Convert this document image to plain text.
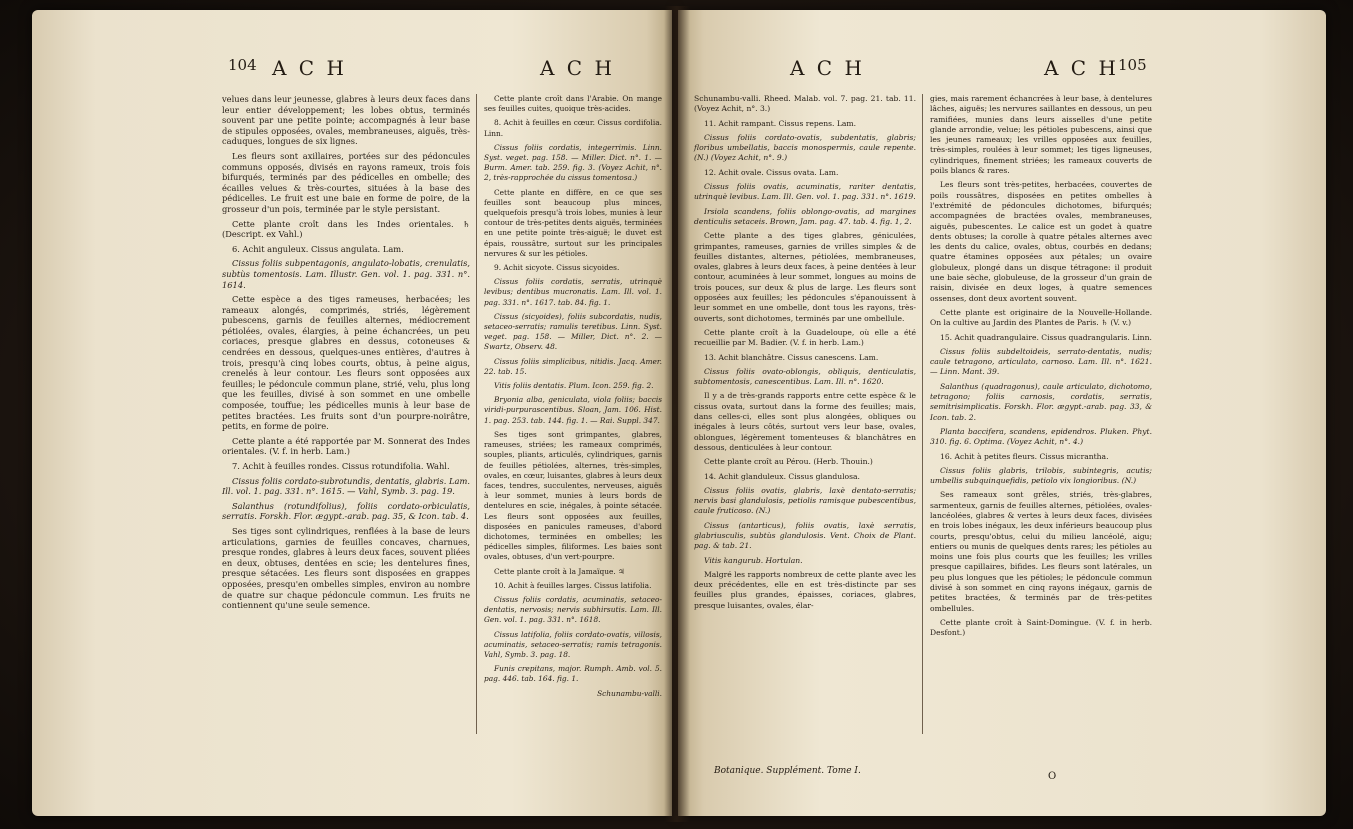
104 A C H	A C H

velues dans leur jeunesse, glabres à leurs deux faces dans leur entier développement; les lobes obtus, terminés souvent par une petite pointe; accompagnés à leur base de stipules opposées, ovales, membraneuses, aiguës, très-caduques, longues de six lignes.

Les fleurs sont axillaires, portées sur des pédoncules communs opposés, divisés en rayons rameux, trois fois bifurqués, terminés par des pédicelles en ombelle; des écailles velues & très-courtes, situées à la base des pédicelles. Le fruit est une baie en forme de poire, de la grosseur d'un pois, terminée par le style persistant.

Cette plante croît dans les Indes orientales. ♄ (Descript. ex Vahl.)

6. Achit anguleux. Cissus angulata. Lam.

Cissus foliis subpentagonis, angulato-lobatis, crenulatis, subtùs tomentosis. Lam. Illustr. Gen. vol. 1. pag. 331. n°. 1614.

Cette espèce a des tiges rameuses, herbacées; les rameaux alongés, comprimés, striés, légèrement pubescens, garnis de feuilles alternes, médiocrement pétiolées, ovales, élargies, à peine échancrées, un peu coriaces, presque glabres en dessus, cotoneuses & cendrées en dessous, quelques-unes entières, d'autres à trois, presqu'à cinq lobes courts, obtus, à peine aigus, crenelés à leur contour. Les fleurs sont opposées aux feuilles; le pédoncule commun plane, strié, velu, plus long que les feuilles, divisé à son sommet en une ombelle composée, touffue; les pédicelles munis à leur base de petites bractées. Les fruits sont d'un pourpre-noirâtre, petits, en forme de poire.

Cette plante a été rapportée par M. Sonnerat des Indes orientales. (V. f. in herb. Lam.)

7. Achit à feuilles rondes. Cissus rotundifolia. Wahl.

Cissus foliis cordato-subrotundis, dentatis, glabris. Lam. Ill. vol. 1. pag. 331. n°. 1615. — Vahl, Symb. 3. pag. 19.

Salanthus (rotundifolius), foliis cordato-orbiculatis, serratis. Forskh. Flor. ægypt.-arab. pag. 35, & Icon. tab. 4.

Ses tiges sont cylindriques, renflées à la base de leurs articulations, garnies de feuilles concaves, charnues, presque rondes, glabres à leurs deux faces, souvent pliées en deux, obtuses, dentées en scie; les dentelures fines, presque sétacées. Les fleurs sont disposées en grappes opposées, presqu'en ombelles simples, environ au nombre de quatre sur chaque pédoncule commun. Les fruits ne contiennent qu'une seule semence.

Cette plante croît dans l'Arabie. On mange ses feuilles cuites, quoique très-acides.

8. Achit à feuilles en cœur. Cissus cordifolia. Linn.

Cissus foliis cordatis, integerrimis. Linn. Syst. veget. pag. 158. — Miller. Dict. n°. 1. — Burm. Amer. tab. 259. fig. 3. (Voyez Achit, n°. 2, très-rapprochée du cissus tomentosa.)

Cette plante en diffère, en ce que ses feuilles sont beaucoup plus minces, quelquefois presqu'à trois lobes, munies à leur contour de très-petites dents aiguës, terminées en une petite pointe très-aiguë; le duvet est épais, roussâtre, surtout sur les principales nervures & sur les pétioles.

9. Achit sicyote. Cissus sicyoides.

Cissus foliis cordatis, serratis, utrinquè levibus; dentibus mucronatis. Lam. Ill. vol. 1. pag. 331. n°. 1617. tab. 84. fig. 1.

Cissus (sicyoides), foliis subcordatis, nudis, setaceo-serratis; ramulis teretibus. Linn. Syst. veget. pag. 158. — Miller, Dict. n°. 2. — Swartz, Observ. 48.

Cissus foliis simplicibus, nitidis. Jacq. Amer. 22. tab. 15.

Vitis foliis dentatis. Plum. Icon. 259. fig. 2.

Bryonia alba, geniculata, viola foliis; baccis viridi-purpurascentibus. Sloan, Jam. 106. Hist. 1. pag. 253. tab. 144. fig. 1. — Rai. Suppl. 347.

Ses tiges sont grimpantes, glabres, rameuses, striées; les rameaux comprimés, souples, pliants, articulés, cylindriques, garnis de feuilles pétiolées, alternes, très-simples, ovales, en cœur, luisantes, glabres à leurs deux faces, tendres, succulentes, nerveuses, aiguës à leur sommet, munies à leurs bords de dentelures en scie, inégales, à pointe sétacée. Les fleurs sont opposées aux feuilles, disposées en panicules rameuses, d'abord dichotomes, terminées en ombelles; les pédicelles simples, filiformes. Les baies sont ovales, obtuses, d'un vert-pourpre.

Cette plante croît à la Jamaïque. ♃

10. Achit à feuilles larges. Cissus latifolia.

Cissus foliis cordatis, acuminatis, setaceo-dentatis, nervosis; nervis subhirsutis. Lam. Ill. Gen. vol. 1. pag. 331. n°. 1618.

Cissus latifolia, foliis cordato-ovatis, villosis, acuminatis, setaceo-serratis; ramis tetragonis. Vahl, Symb. 3. pag. 18.

Funis crepitans, major. Rumph. Amb. vol. 5. pag. 446. tab. 164. fig. 1.

Schunambu-valli.

A C H	A C H 105

Schunambu-valli. Rheed. Malab. vol. 7. pag. 21. tab. 11. (Voyez Achit, n°. 3.)

11. Achit rampant. Cissus repens. Lam.

Cissus foliis cordato-ovatis, subdentatis, glabris; floribus umbellatis, baccis monospermis, caule repente. (N.) (Voyez Achit, n°. 9.)

12. Achit ovale. Cissus ovata. Lam.

Cissus foliis ovatis, acuminatis, rariter dentatis, utrinquè levibus. Lam. Ill. Gen. vol. 1. pag. 331. n°. 1619.

Irsiola scandens, foliis oblongo-ovatis, ad margines denticulis setaceis. Brown, Jam. pag. 47. tab. 4. fig. 1, 2.

Cette plante a des tiges glabres, géniculées, grimpantes, rameuses, garnies de vrilles simples & de feuilles distantes, alternes, pétiolées, membraneuses, ovales, glabres à leurs deux faces, à peine dentées à leur contour, acuminées à leur sommet, longues au moins de trois pouces, sur deux & plus de large. Les fleurs sont opposées aux feuilles; les pédoncules s'épanouissent à leur sommet en une ombelle, dont tous les rayons, très-ouverts, sont dichotomes, terminés par une ombellule.

Cette plante croît à la Guadeloupe, où elle a été recueillie par M. Badier. (V. f. in herb. Lam.)

13. Achit blanchâtre. Cissus canescens. Lam.

Cissus foliis ovato-oblongis, obliquis, denticulatis, subtomentosis, canescentibus. Lam. Ill. n°. 1620.

Il y a de très-grands rapports entre cette espèce & le cissus ovata, surtout dans la forme des feuilles; mais, dans celles-ci, elles sont plus alongées, obliques ou inégales à leurs côtés, surtout vers leur base, ovales, oblongues, légèrement tomenteuses & blanchâtres en dessous, denticulées à leur contour.

Cette plante croît au Pérou. (Herb. Thouin.)

14. Achit glanduleux. Cissus glandulosa.

Cissus foliis ovatis, glabris, laxè dentato-serratis; nervis basi glandulosis, petiolis ramisque pubescentibus, caule fruticoso. (N.)

Cissus (antarticus), foliis ovatis, laxè serratis, glabriusculis, subtùs glandulosis. Vent. Choix de Plant. pag. & tab. 21.

Vitis kangurub. Hortulan.

Malgré les rapports nombreux de cette plante avec les deux précédentes, elle en est très-distincte par ses feuilles plus grandes, épaisses, coriaces, glabres, presque luisantes, ovales, élar-

gies, mais rarement échancrées à leur base, à dentelures lâches, aiguës; les nervures saillantes en dessous, un peu ramifiées, munies dans leurs aisselles d'une petite glande arrondie, velue; les pétioles pubescens, ainsi que les jeunes rameaux; les vrilles opposées aux feuilles, très-simples, roulées à leur sommet; les tiges ligneuses, cylindriques, finement striées; les rameaux couverts de poils blancs & rares.

Les fleurs sont très-petites, herbacées, couvertes de poils roussâtres, disposées en petites ombelles à l'extrémité de pédoncules dichotomes, bifurqués; accompagnées de bractées ovales, membraneuses, aiguës, pubescentes. Le calice est un godet à quatre dents obtuses; la corolle à quatre pétales alternes avec les dents du calice, ovales, obtus, courbés en dedans; quatre étamines opposées aux pétales; un ovaire globuleux, plongé dans un disque tétragone: il produit une baie sèche, globuleuse, de la grosseur d'un grain de raisin, divisée en deux loges, à quatre semences ossenses, dont deux avortent souvent.

Cette plante est originaire de la Nouvelle-Hollande. On la cultive au Jardin des Plantes de Paris. ♄ (V. v.)

15. Achit quadrangulaire. Cissus quadrangularis. Linn.

Cissus foliis subdeltoideis, serrato-dentatis, nudis; caule tetragono, articulato, carnoso. Lam. Ill. n°. 1621. — Linn. Mant. 39.

Salanthus (quadragonus), caule articulato, dichotomo, tetragono; foliis carnosis, cordatis, serratis, semitrisimplicatis. Forskh. Flor. ægypt.-arab. pag. 33, & Icon. tab. 2.

Planta baccifera, scandens, epidendros. Pluken. Phyt. 310. fig. 6. Optima. (Voyez Achit, n°. 4.)

16. Achit à petites fleurs. Cissus micrantha.

Cissus foliis glabris, trilobis, subintegris, acutis; umbellis subquinquefidis, petiolo vix longioribus. (N.)

Ses rameaux sont grêles, striés, très-glabres, sarmenteux, garnis de feuilles alternes, pétiolées, ovales-lancéolées, glabres & vertes à leurs deux faces, divisées en trois lobes inégaux, les deux inférieurs beaucoup plus courts, presqu'obtus, celui du milieu lancéolé, aigu; entiers ou munis de quelques dents rares; les pétioles au moins une fois plus courts que les feuilles; les vrilles presque capillaires, bifides. Les fleurs sont latérales, un peu plus longues que les pétioles; le pédoncule commun divisé à son sommet en cinq rayons inégaux, garnis de petites bractées, & terminés par de très-petites ombellules.

Cette plante croît à Saint-Domingue. (V. f. in herb. Desfont.)

Botanique. Supplément. Tome I.	O
